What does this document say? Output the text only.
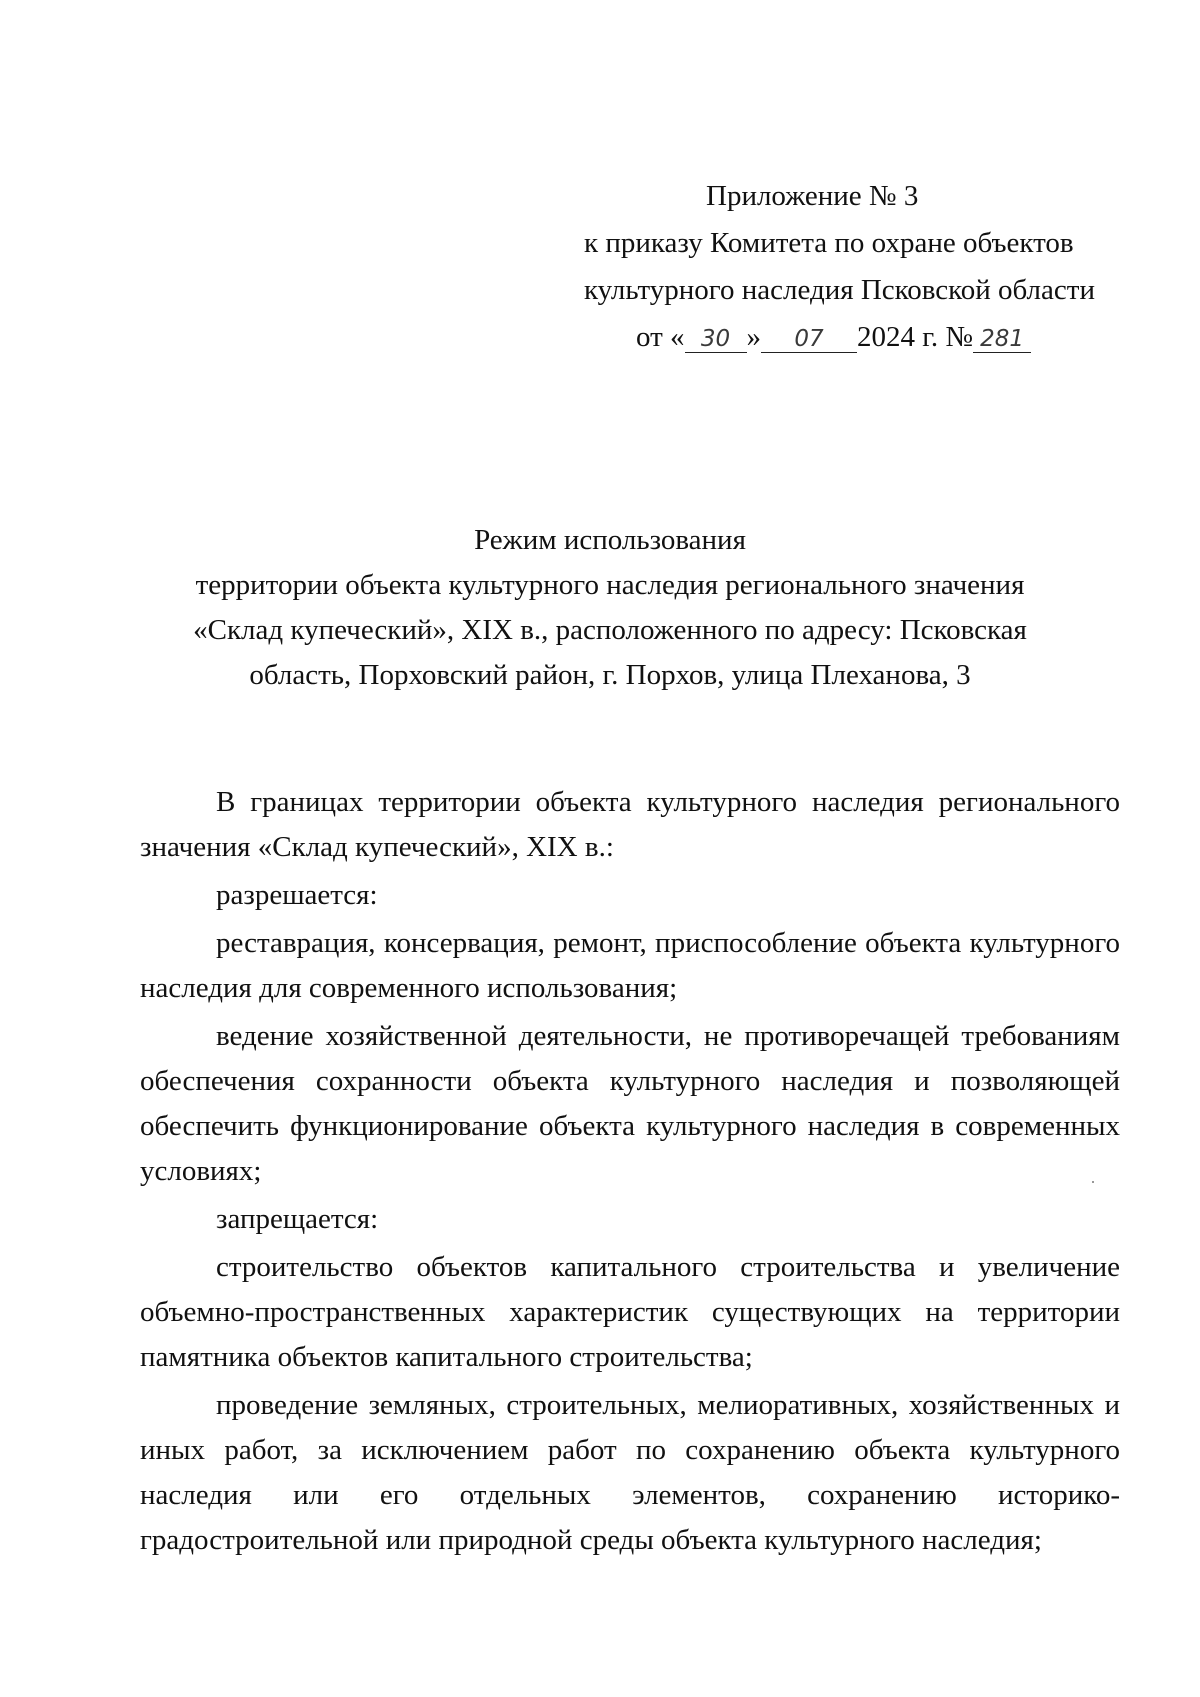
Приложение № 3
к приказу Комитета по охране объектов
культурного наследия Псковской области
от « 30 » 07 2024 г. № 281
Режим использования
территории объекта культурного наследия регионального значения
«Склад купеческий», XIX в., расположенного по адресу: Псковская
область, Порховский район, г. Порхов, улица Плеханова, 3

В границах территории объекта культурного наследия регионального значения «Склад купеческий», XIX в.:

разрешается:

реставрация, консервация, ремонт, приспособление объекта культурного наследия для современного использования;

ведение хозяйственной деятельности, не противоречащей требованиям обеспечения сохранности объекта культурного наследия и позволяющей обеспечить функционирование объекта культурного наследия в современных условиях;

запрещается:

строительство объектов капитального строительства и увеличение объемно-пространственных характеристик существующих на территории памятника объектов капитального строительства;

проведение земляных, строительных, мелиоративных, хозяйственных и иных работ, за исключением работ по сохранению объекта культурного наследия или его отдельных элементов, сохранению историко-градостроительной или природной среды объекта культурного наследия;
